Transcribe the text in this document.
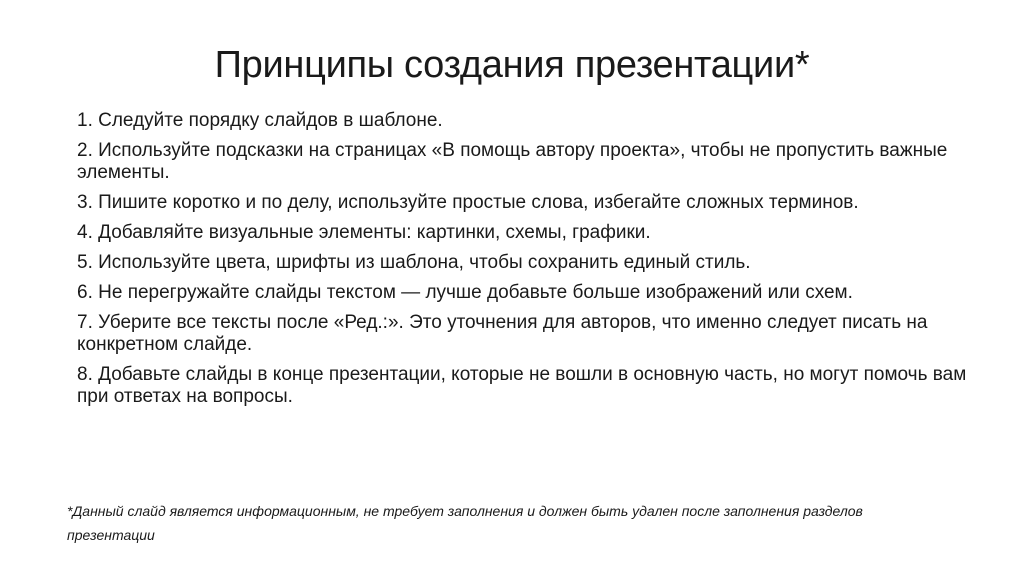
Принципы создания презентации*
1. Следуйте порядку слайдов в шаблоне.
2. Используйте подсказки на страницах «В помощь автору проекта», чтобы не пропустить важные элементы.
3. Пишите коротко и по делу, используйте простые слова, избегайте сложных терминов.
4. Добавляйте визуальные элементы: картинки, схемы, графики.
5. Используйте цвета, шрифты из шаблона, чтобы сохранить единый стиль.
6. Не перегружайте слайды текстом — лучше добавьте больше изображений или схем.
7. Уберите все тексты после «Ред.:». Это уточнения для авторов, что именно следует писать на конкретном слайде.
8. Добавьте слайды в конце презентации, которые не вошли в основную часть, но могут помочь вам при ответах на вопросы.
*Данный слайд является информационным, не требует заполнения и должен быть удален после заполнения разделов презентации
